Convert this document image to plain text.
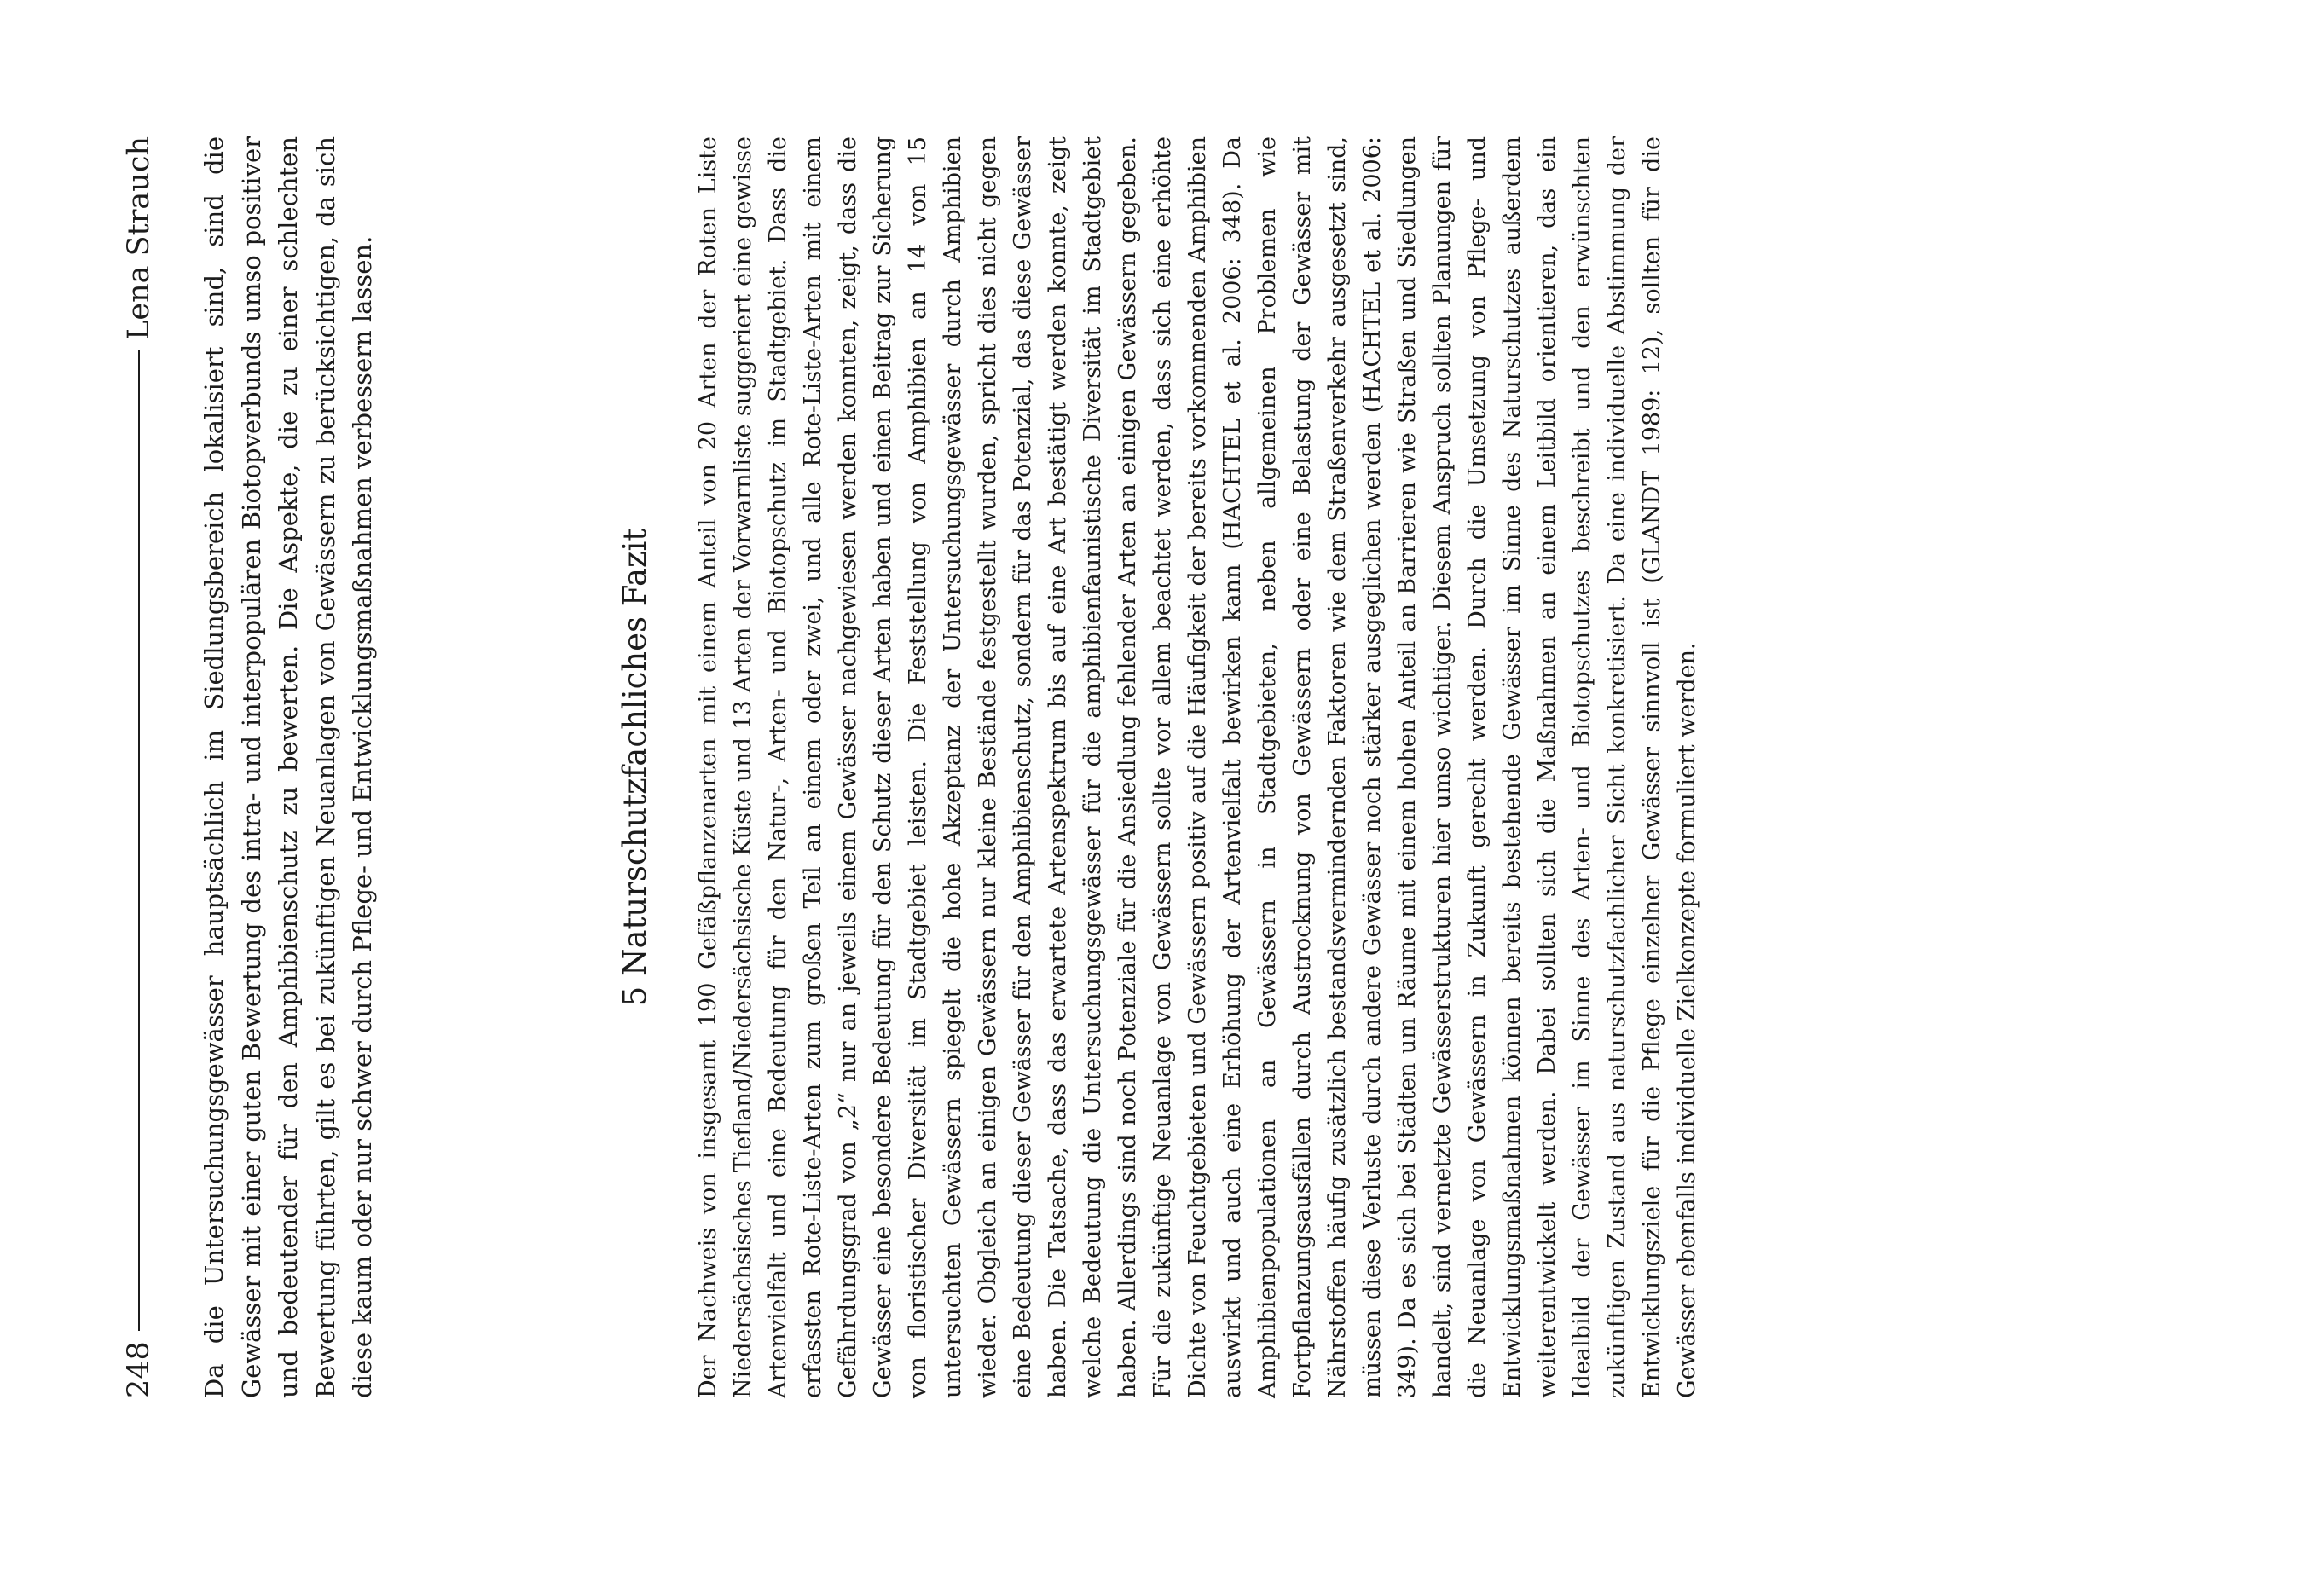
248
Lena Strauch Da die Untersuchungsgewässer hauptsächlich im Siedlungsbereich lokalisiert sind, sind die Gewässer mit einer guten Bewertung des intra- und interpopulären Biotopverbunds umso positiver und bedeutender für den Amphibienschutz zu bewerten. Die Aspekte, die zu einer schlechten Bewertung führten, gilt es bei zukünftigen Neuanlagen von Gewässern zu berücksichtigen, da sich diese kaum oder nur schwer durch Pflege- und Entwicklungsmaßnahmen verbessern lassen.	5 Naturschutzfachliches Fazit Der Nachweis von insgesamt 190 Gefäßpflanzenarten mit einem Anteil von 20 Arten der Roten Liste Niedersächsisches Tiefland/Niedersächsische Küste und 13 Arten der Vorwarnliste suggeriert eine gewisse Artenvielfalt und eine Bedeutung für den Natur-, Arten- und Biotopschutz im Stadtgebiet. Dass die erfassten Rote-Liste-Arten zum großen Teil an einem oder zwei, und alle Rote-Liste-Arten mit einem Gefährdungsgrad von „2“ nur an jeweils einem Gewässer nachgewiesen werden konnten, zeigt, dass die Gewässer eine besondere Bedeutung für den Schutz dieser Arten haben und einen Beitrag zur Sicherung von floristischer Diversität im Stadtgebiet leisten. Die Feststellung von Amphibien an 14 von 15 untersuchten Gewässern spiegelt die hohe Akzeptanz der Untersuchungsgewässer durch Amphibien wieder. Obgleich an einigen Gewässern nur kleine Bestände festgestellt wurden, spricht dies nicht gegen eine Bedeutung dieser Gewässer für den Amphibienschutz, sondern für das Potenzial, das diese Gewässer haben. Die Tatsache, dass das erwartete Artenspektrum bis auf eine Art bestätigt werden konnte, zeigt welche Bedeutung die Untersuchungsgewässer für die amphibienfaunistische Diversität im Stadtgebiet haben. Allerdings sind noch Potenziale für die Ansiedlung fehlender Arten an einigen Gewässern gegeben. Für die zukünftige Neuanlage von Gewässern sollte vor allem beachtet werden, dass sich eine erhöhte Dichte von Feuchtgebieten und Gewässern positiv auf die Häufigkeit der bereits vorkommenden Amphibien auswirkt und auch eine Erhöhung der Artenvielfalt bewirken kann (HACHTEL et al. 2006: 348). Da Amphibienpopulationen an Gewässern in Stadtgebieten, neben allgemeinen Problemen wie Fortpflanzungsausfällen durch Austrocknung von Gewässern oder eine Belastung der Gewässer mit Nährstoffen häufig zusätzlich bestandsvermindernden Faktoren wie dem Straßenverkehr ausgesetzt sind, müssen diese Verluste durch andere Gewässer noch stärker ausgeglichen werden (HACHTEL et al. 2006: 349). Da es sich bei Städten um Räume mit einem hohen Anteil an Barrieren wie Straßen und Siedlungen handelt, sind vernetzte Gewässerstrukturen hier umso wichtiger. Diesem Anspruch sollten Planungen für die Neuanlage von Gewässern in Zukunft gerecht werden. Durch die Umsetzung von Pflege- und Entwicklungsmaßnahmen können bereits bestehende Gewässer im Sinne des Naturschutzes außerdem weiterentwickelt werden. Dabei sollten sich die Maßnahmen an einem Leitbild orientieren, das ein Idealbild der Gewässer im Sinne des Arten- und Biotopschutzes beschreibt und den erwünschten zukünftigen Zustand aus naturschutzfachlicher Sicht konkretisiert. Da eine individuelle Abstimmung der Entwicklungsziele für die Pflege einzelner Gewässer sinnvoll ist (GLANDT 1989: 12), sollten für die Gewässer ebenfalls individuelle Zielkonzepte formuliert werden.
